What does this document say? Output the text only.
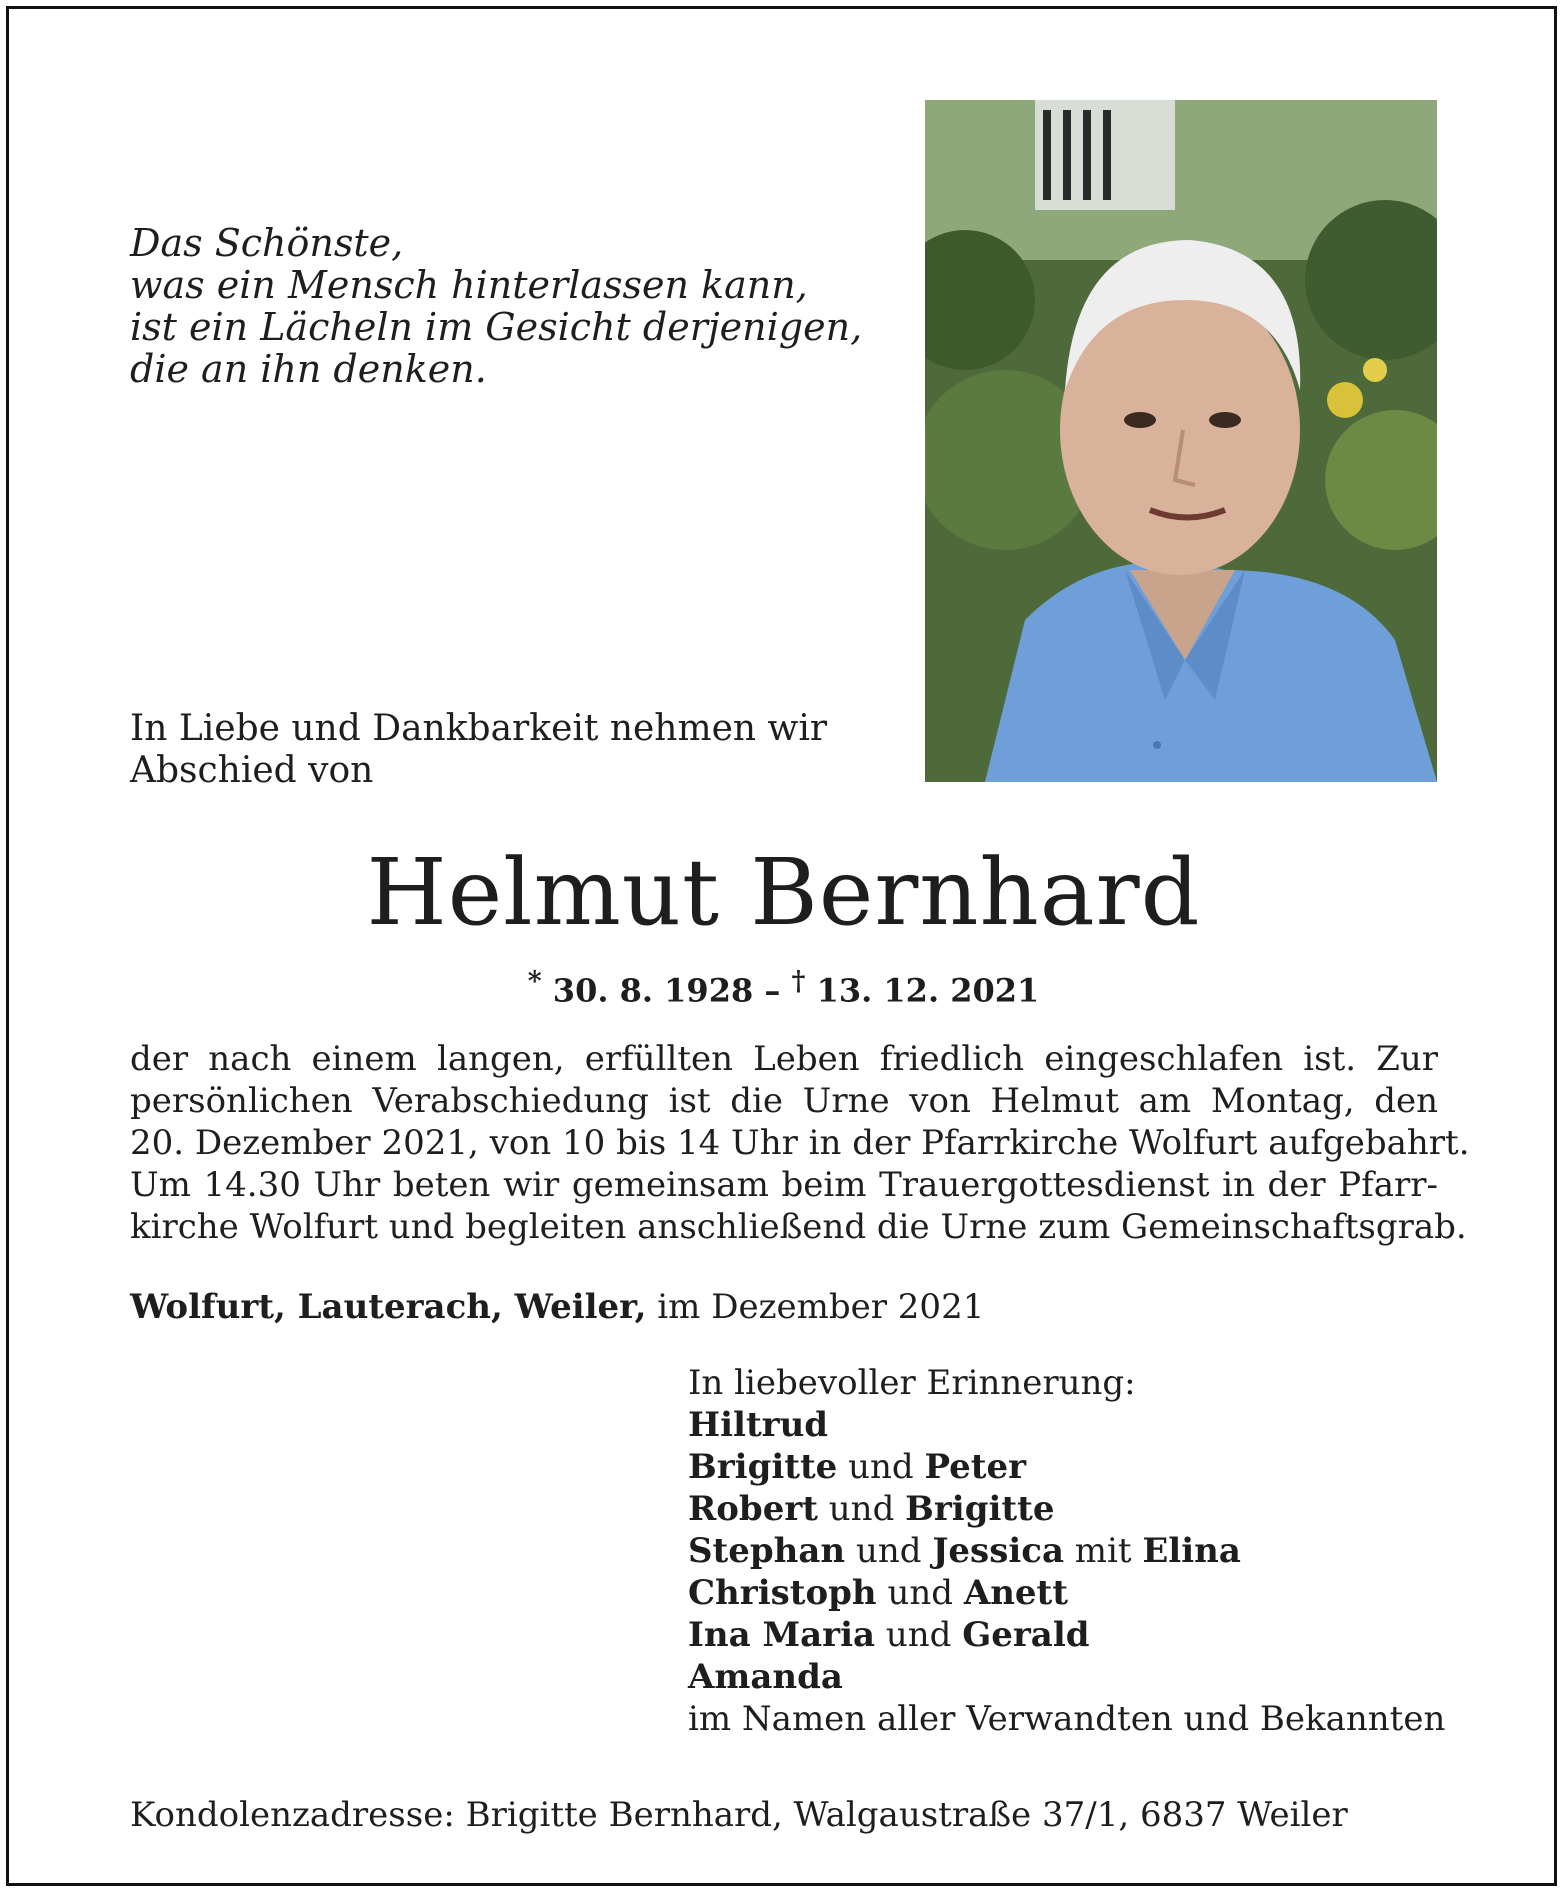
Das Schönste,
was ein Mensch hinterlassen kann,
ist ein Lächeln im Gesicht derjenigen,
die an ihn denken.
In Liebe und Dankbarkeit nehmen wir
Abschied von
Helmut Bernhard
* 30. 8. 1928 – † 13. 12. 2021
der nach einem langen, erfüllten Leben friedlich eingeschlafen ist. Zur
persönlichen Verabschiedung ist die Urne von Helmut am Montag, den
20. Dezember 2021, von 10 bis 14 Uhr in der Pfarrkirche Wolfurt aufgebahrt.
Um 14.30 Uhr beten wir gemeinsam beim Trauergottesdienst in der Pfarr-
kirche Wolfurt und begleiten anschließend die Urne zum Gemeinschaftsgrab.
Wolfurt, Lauterach, Weiler, im Dezember 2021
In liebevoller Erinnerung:
Hiltrud
Brigitte und Peter
Robert und Brigitte
Stephan und Jessica mit Elina
Christoph und Anett
Ina Maria und Gerald
Amanda
im Namen aller Verwandten und Bekannten
Kondolenzadresse: Brigitte Bernhard, Walgaustraße 37/1, 6837 Weiler
